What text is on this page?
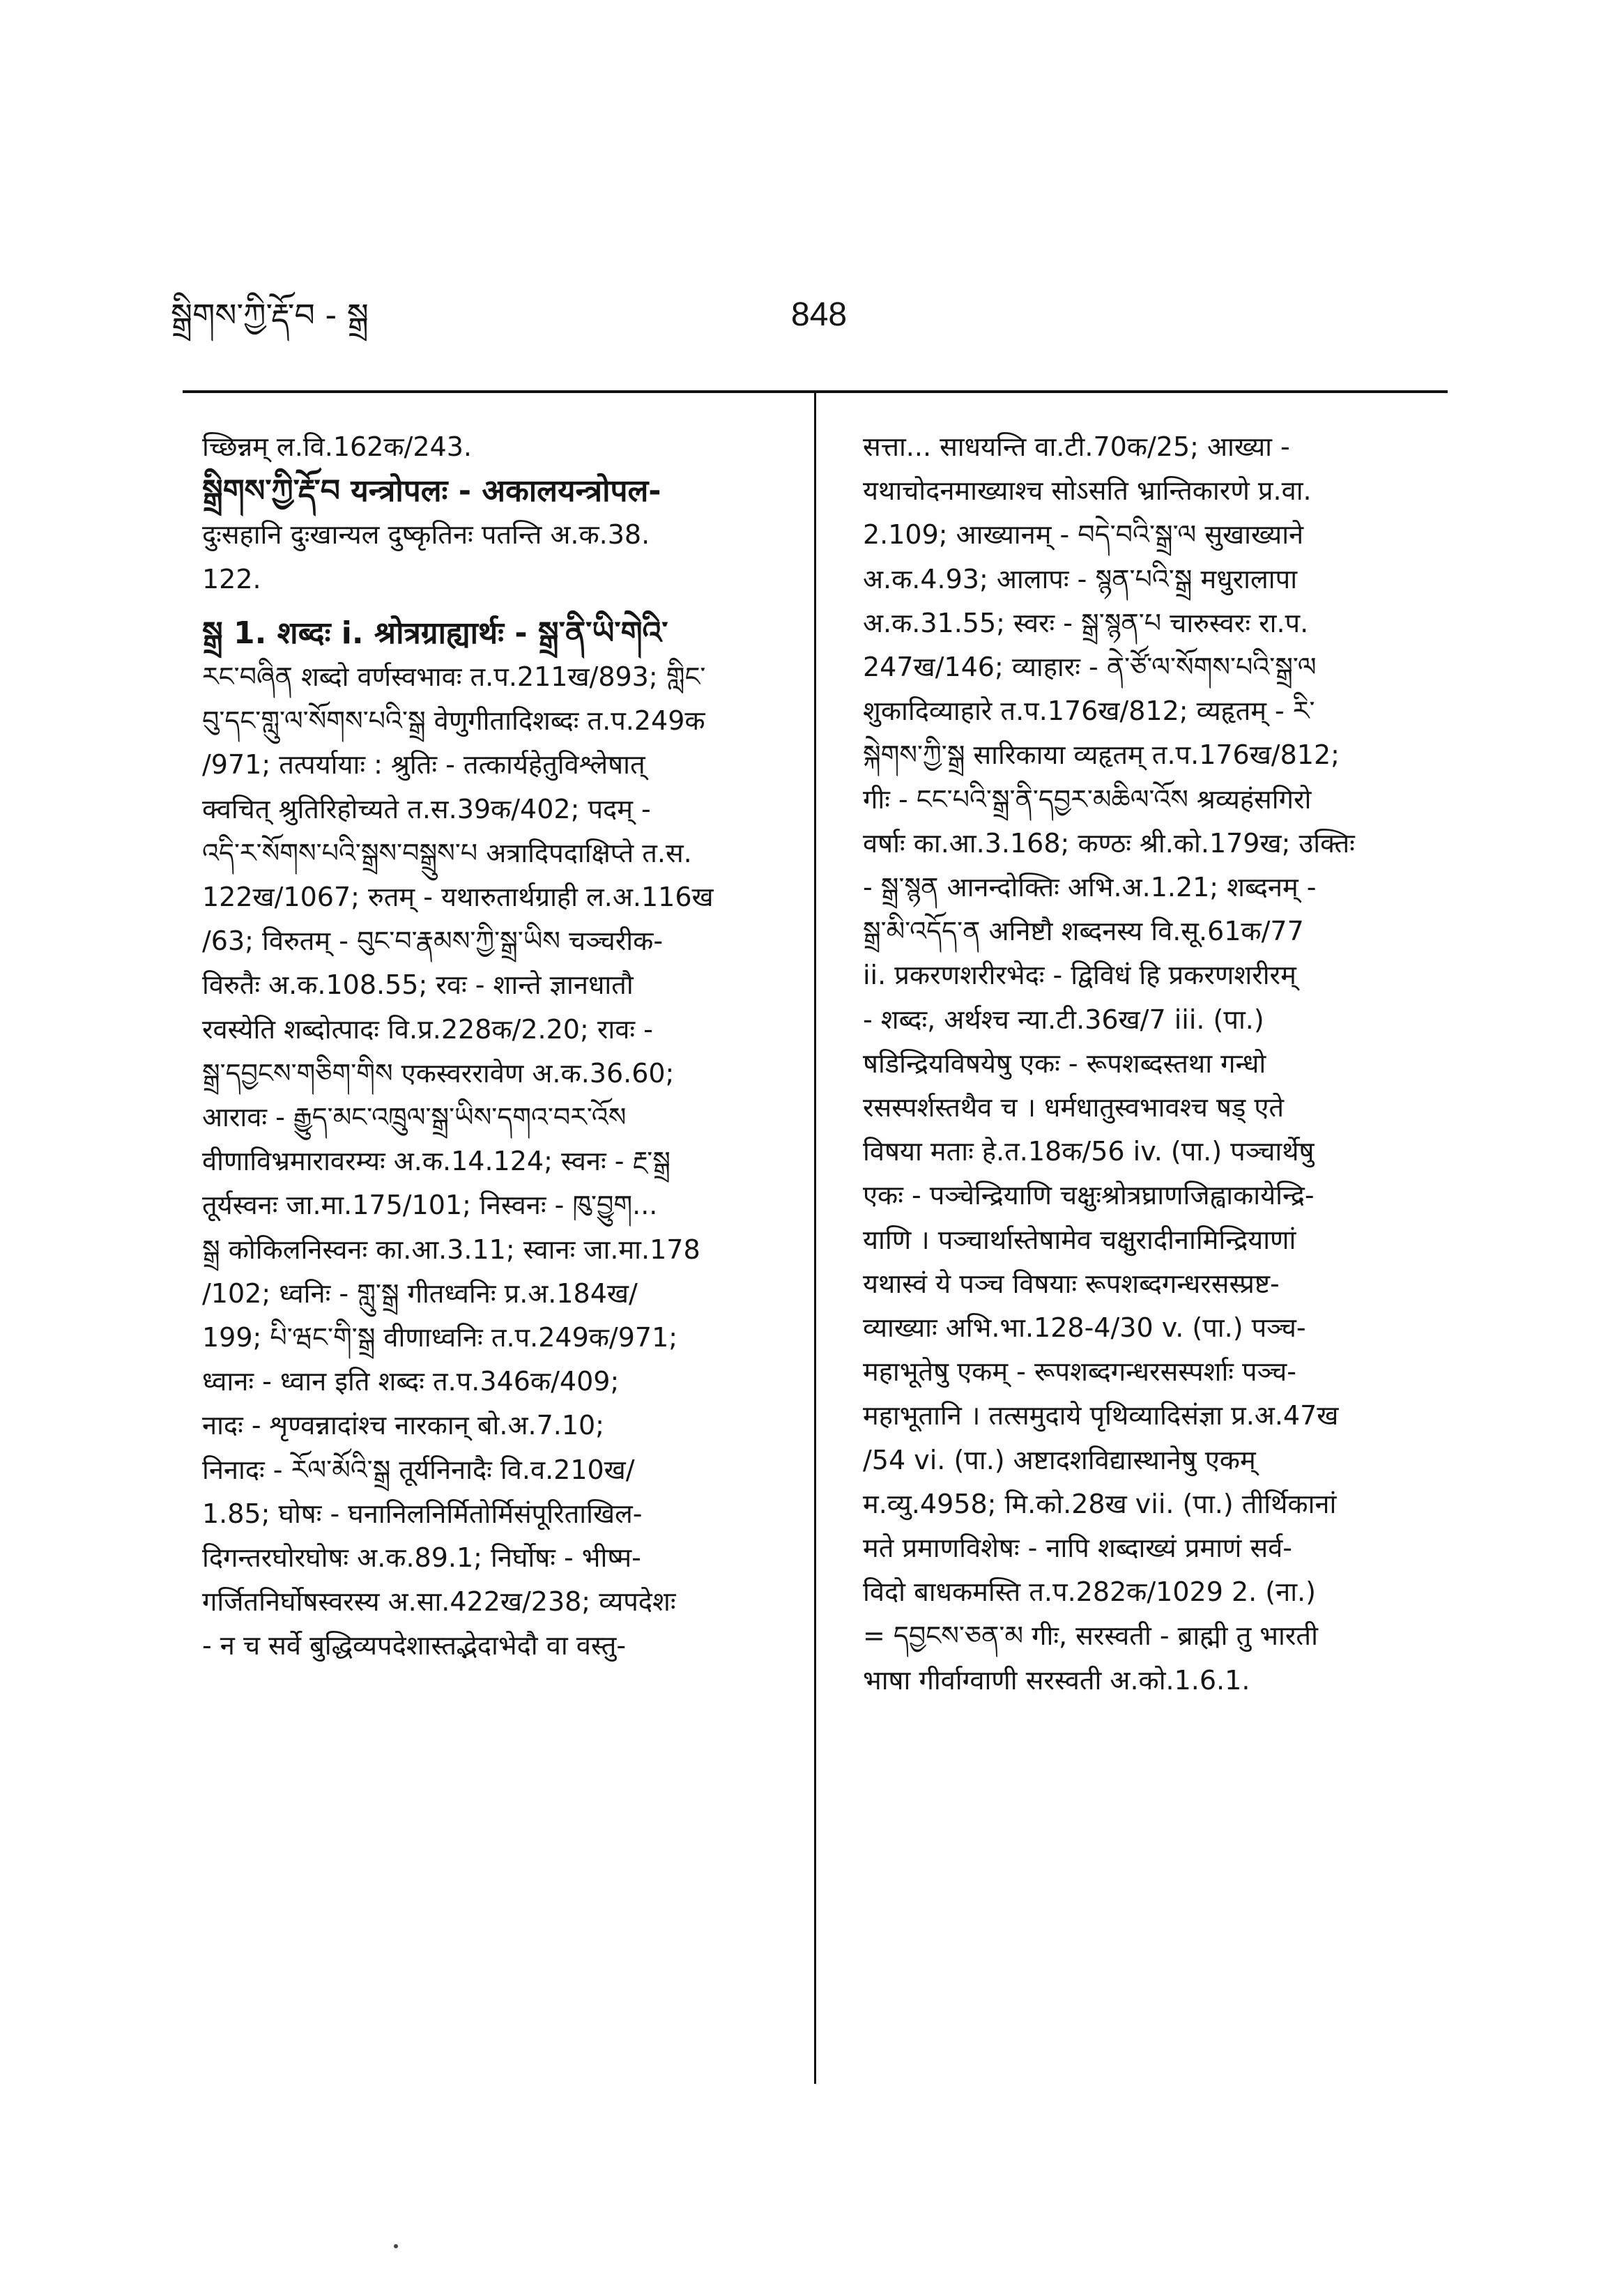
སྒྲིགས་ཀྱི་རྡོ་བ - སྒྲ	848

च्छिन्नम् ल.वि.162क/243.

སྒྲིགས་ཀྱི་རྡོ་བ यन्त्रोपलः - अकालयन्त्रोपल-

दुःसहानि दुःखान्यल दुष्कृतिनः पतन्ति अ.क.38.

122.

སྒྲ 1. शब्दः i. श्रोत्रग्राह्यार्थः - སྒྲ་ནི་ཡི་གེའི་

རང་བཞིན शब्दो वर्णस्वभावः त.प.211ख/893; གླིང་

བུ་དང་གླུ་ལ་སོགས་པའི་སྒྲ वेणुगीतादिशब्दः त.प.249क

/971; तत्पर्यायाः : श्रुतिः - तत्कार्यहेतुविश्लेषात्

क्वचित् श्रुतिरिहोच्यते त.स.39क/402; पदम् -

འདི་ར་སོགས་པའི་སྒྲས་བསྒྲུས་པ अत्रादिपदाक्षिप्ते त.स.

122ख/1067; रुतम् - यथारुतार्थग्राही ल.अ.116ख

/63; विरुतम् - བུང་བ་རྣམས་ཀྱི་སྒྲ་ཡིས चञ्चरीक-

विरुतैः अ.क.108.55; रवः - शान्ते ज्ञानधातौ

रवस्येति शब्दोत्पादः वि.प्र.228क/2.20; रावः -

སྒྲ་དབྱངས་གཅིག་གིས एकस्वररावेण अ.क.36.60;

आरावः - རྒྱུད་མང་འཁྲུལ་སྒྲ་ཡིས་དགའ་བར་འོས

वीणाविभ्रमारावरम्यः अ.क.14.124; स्वनः - རྔ་སྒྲ

तूर्यस्वनः जा.मा.175/101; निस्वनः - ཁུ་བྱུག...

སྒྲ कोकिलनिस्वनः का.आ.3.11; स्वानः जा.मा.178

/102; ध्वनिः - གླུ་སྒྲ गीतध्वनिः प्र.अ.184ख/

199; པི་ཝང་གི་སྒྲ वीणाध्वनिः त.प.249क/971;

ध्वानः - ध्वान इति शब्दः त.प.346क/409;

नादः - शृण्वन्नादांश्च नारकान् बो.अ.7.10;

निनादः - རོལ་མོའི་སྒྲ तूर्यनिनादैः वि.व.210ख/

1.85; घोषः - घनानिलनिर्मितोर्मिसंपूरिताखिल-

दिगन्तरघोरघोषः अ.क.89.1; निर्घोषः - भीष्म-

गर्जितनिर्घोषस्वरस्य अ.सा.422ख/238; व्यपदेशः

- न च सर्वे बुद्धिव्यपदेशास्तद्भेदाभेदौ वा वस्तु-

सत्ता... साधयन्ति वा.टी.70क/25; आख्या -

यथाचोदनमाख्याश्च सोऽसति भ्रान्तिकारणे प्र.वा.

2.109; आख्यानम् - བདེ་བའི་སྒྲ་ལ सुखाख्याने

अ.क.4.93; आलापः - སྙན་པའི་སྒྲ मधुरालापा

अ.क.31.55; स्वरः - སྒྲ་སྙན་པ चारुस्वरः रा.प.

247ख/146; व्याहारः - ནེ་ཙོ་ལ་སོགས་པའི་སྒྲ་ལ

शुकादिव्याहारे त.प.176ख/812; व्यहृतम् - རི་

སྐེགས་ཀྱི་སྒྲ सारिकाया व्यहृतम् त.प.176ख/812;

गीः - ངང་པའི་སྒྲ་ནི་དབྱར་མཆིལ་འོས श्रव्यहंसगिरो

वर्षाः का.आ.3.168; कण्ठः श्री.को.179ख; उक्तिः

- སྒྲ་སྙན आनन्दोक्तिः अभि.अ.1.21; शब्दनम् -

སྒྲ་མི་འདོད་ན अनिष्टौ शब्दनस्य वि.सू.61क/77

ii. प्रकरणशरीरभेदः - द्विविधं हि प्रकरणशरीरम्

- शब्दः, अर्थश्च न्या.टी.36ख/7 iii. (पा.)

षडिन्द्रियविषयेषु एकः - रूपशब्दस्तथा गन्धो

रसस्पर्शस्तथैव च । धर्मधातुस्वभावश्च षड् एते

विषया मताः हे.त.18क/56 iv. (पा.) पञ्चार्थेषु

एकः - पञ्चेन्द्रियाणि चक्षुःश्रोत्रघ्राणजिह्वाकायेन्द्रि-

याणि । पञ्चार्थास्तेषामेव चक्षुरादीनामिन्द्रियाणां

यथास्वं ये पञ्च विषयाः रूपशब्दगन्धरसस्प्रष्ट-

व्याख्याः अभि.भा.128-4/30 v. (पा.) पञ्च-

महाभूतेषु एकम् - रूपशब्दगन्धरसस्पर्शाः पञ्च-

महाभूतानि । तत्समुदाये पृथिव्यादिसंज्ञा प्र.अ.47ख

/54 vi. (पा.) अष्टादशविद्यास्थानेषु एकम्

म.व्यु.4958; मि.को.28ख vii. (पा.) तीर्थिकानां

मते प्रमाणविशेषः - नापि शब्दाख्यं प्रमाणं सर्व-

विदो बाधकमस्ति त.प.282क/1029 2. (ना.)

= དབྱངས་ཅན་མ गीः, सरस्वती - ब्राह्मी तु भारती

भाषा गीर्वाग्वाणी सरस्वती अ.को.1.6.1.
